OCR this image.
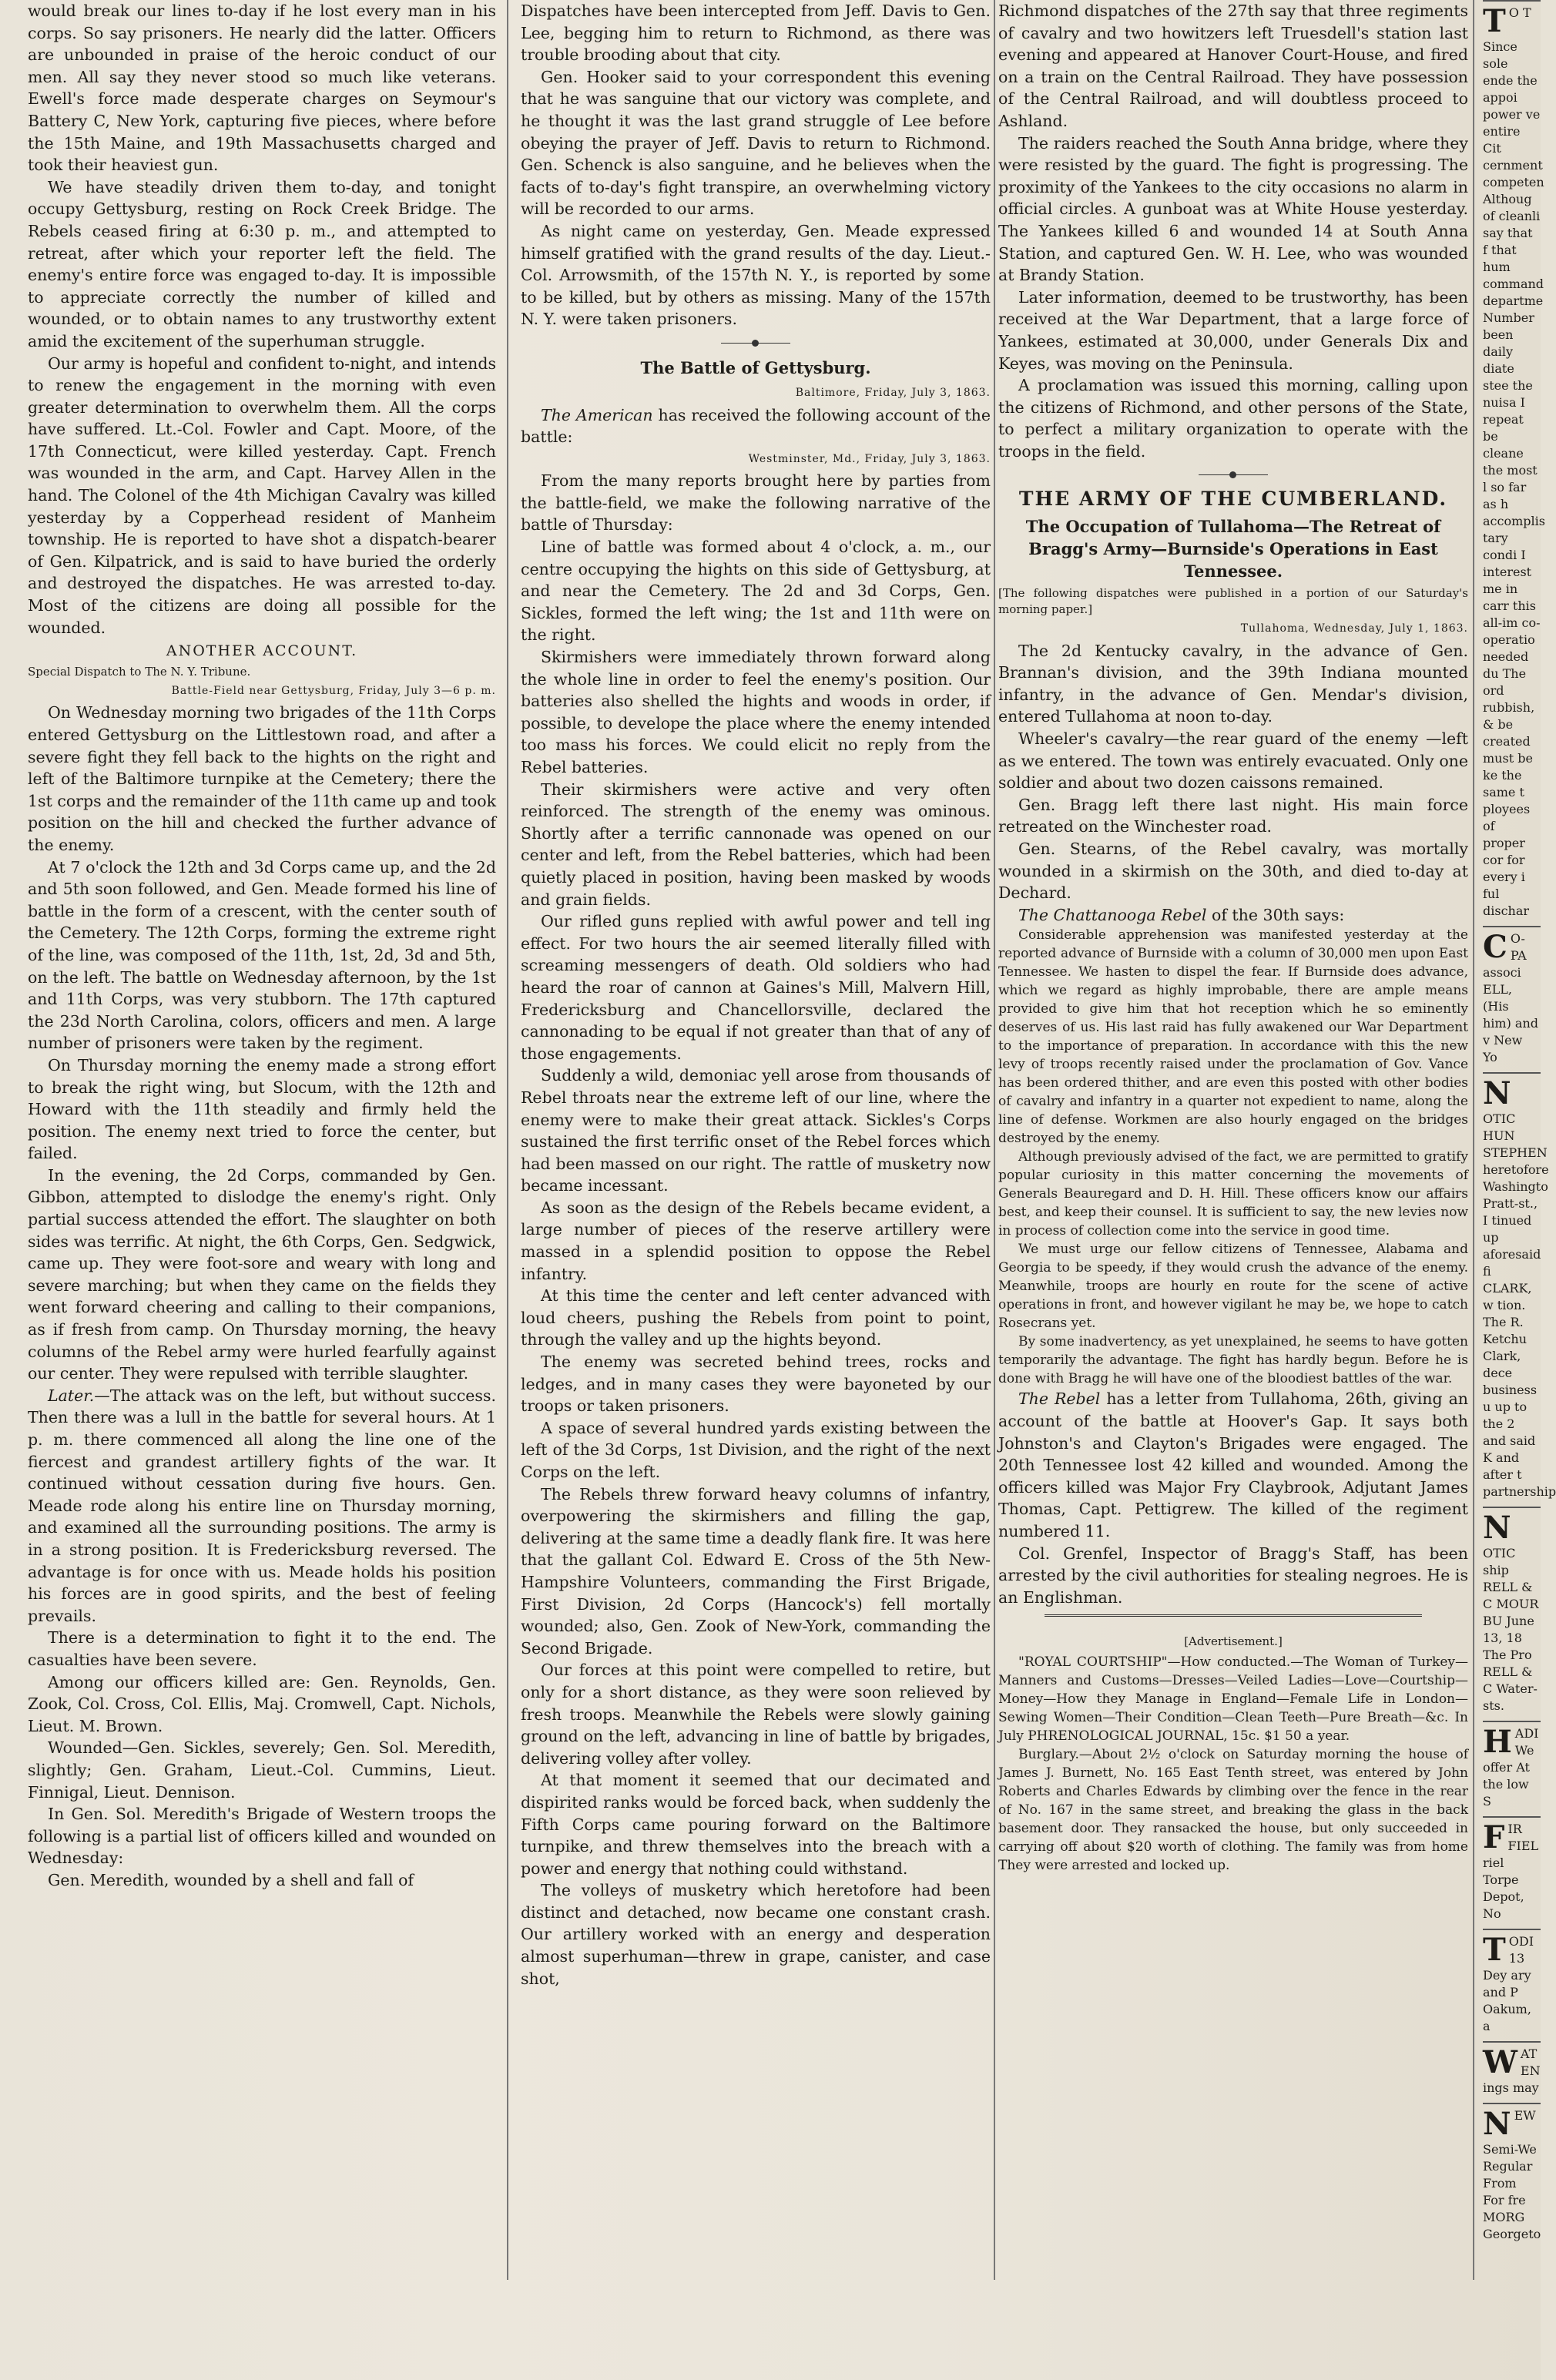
would break our lines to-day if he lost every man in his corps. So say prisoners. He nearly did the latter. Officers are unbounded in praise of the heroic conduct of our men. All say they never stood so much like veterans. Ewell's force made desperate charges on Seymour's Battery C, New York, capturing five pieces, where before the 15th Maine, and 19th Massachusetts charged and took their heaviest gun.

We have steadily driven them to-day, and tonight occupy Gettysburg, resting on Rock Creek Bridge. The Rebels ceased firing at 6:30 p. m., and attempted to retreat, after which your reporter left the field. The enemy's entire force was engaged to-day. It is impossible to appreciate correctly the number of killed and wounded, or to obtain names to any trustworthy extent amid the excitement of the superhuman struggle.

Our army is hopeful and confident to-night, and intends to renew the engagement in the morning with even greater determination to overwhelm them. All the corps have suffered. Lt.-Col. Fowler and Capt. Moore, of the 17th Connecticut, were killed yesterday. Capt. French was wounded in the arm, and Capt. Harvey Allen in the hand. The Colonel of the 4th Michigan Cavalry was killed yesterday by a Copperhead resident of Manheim township. He is reported to have shot a dispatch-bearer of Gen. Kilpatrick, and is said to have buried the orderly and destroyed the dispatches. He was arrested to-day. Most of the citizens are doing all possible for the wounded.

ANOTHER ACCOUNT.

Special Dispatch to The N. Y. Tribune.

Battle-Field near Gettysburg, Friday, July 3—6 p. m.

On Wednesday morning two brigades of the 11th Corps entered Gettysburg on the Littlestown road, and after a severe fight they fell back to the hights on the right and left of the Baltimore turnpike at the Cemetery; there the 1st corps and the remainder of the 11th came up and took position on the hill and checked the further advance of the enemy.

At 7 o'clock the 12th and 3d Corps came up, and the 2d and 5th soon followed, and Gen. Meade formed his line of battle in the form of a crescent, with the center south of the Cemetery. The 12th Corps, forming the extreme right of the line, was composed of the 11th, 1st, 2d, 3d and 5th, on the left. The battle on Wednesday afternoon, by the 1st and 11th Corps, was very stubborn. The 17th captured the 23d North Carolina, colors, officers and men. A large number of prisoners were taken by the regiment.

On Thursday morning the enemy made a strong effort to break the right wing, but Slocum, with the 12th and Howard with the 11th steadily and firmly held the position. The enemy next tried to force the center, but failed.

In the evening, the 2d Corps, commanded by Gen. Gibbon, attempted to dislodge the enemy's right. Only partial success attended the effort. The slaughter on both sides was terrific. At night, the 6th Corps, Gen. Sedgwick, came up. They were foot-sore and weary with long and severe marching; but when they came on the fields they went forward cheering and calling to their companions, as if fresh from camp. On Thursday morning, the heavy columns of the Rebel army were hurled fearfully against our center. They were repulsed with terrible slaughter.

Later.—The attack was on the left, but without success. Then there was a lull in the battle for several hours. At 1 p. m. there commenced all along the line one of the fiercest and grandest artillery fights of the war. It continued without cessation during five hours. Gen. Meade rode along his entire line on Thursday morning, and examined all the surrounding positions. The army is in a strong position. It is Fredericksburg reversed. The advantage is for once with us. Meade holds his position his forces are in good spirits, and the best of feeling prevails.

There is a determination to fight it to the end. The casualties have been severe.

Among our officers killed are: Gen. Reynolds, Gen. Zook, Col. Cross, Col. Ellis, Maj. Cromwell, Capt. Nichols, Lieut. M. Brown.

Wounded—Gen. Sickles, severely; Gen. Sol. Meredith, slightly; Gen. Graham, Lieut.-Col. Cummins, Lieut. Finnigal, Lieut. Dennison.

In Gen. Sol. Meredith's Brigade of Western troops the following is a partial list of officers killed and wounded on Wednesday:

Gen. Meredith, wounded by a shell and fall of

Dispatches have been intercepted from Jeff. Davis to Gen. Lee, begging him to return to Richmond, as there was trouble brooding about that city.

Gen. Hooker said to your correspondent this evening that he was sanguine that our victory was complete, and he thought it was the last grand struggle of Lee before obeying the prayer of Jeff. Davis to return to Richmond. Gen. Schenck is also sanguine, and he believes when the facts of to-day's fight transpire, an overwhelming victory will be recorded to our arms.

As night came on yesterday, Gen. Meade expressed himself gratified with the grand results of the day. Lieut.-Col. Arrowsmith, of the 157th N. Y., is reported by some to be killed, but by others as missing. Many of the 157th N. Y. were taken prisoners.

The Battle of Gettysburg.

Baltimore, Friday, July 3, 1863.

The American has received the following account of the battle:

Westminster, Md., Friday, July 3, 1863.

From the many reports brought here by parties from the battle-field, we make the following narrative of the battle of Thursday:

Line of battle was formed about 4 o'clock, a. m., our centre occupying the hights on this side of Gettysburg, at and near the Cemetery. The 2d and 3d Corps, Gen. Sickles, formed the left wing; the 1st and 11th were on the right.

Skirmishers were immediately thrown forward along the whole line in order to feel the enemy's position. Our batteries also shelled the hights and woods in order, if possible, to develope the place where the enemy intended too mass his forces. We could elicit no reply from the Rebel batteries.

Their skirmishers were active and very often reinforced. The strength of the enemy was ominous. Shortly after a terrific cannonade was opened on our center and left, from the Rebel batteries, which had been quietly placed in position, having been masked by woods and grain fields.

Our rifled guns replied with awful power and tell ing effect. For two hours the air seemed literally filled with screaming messengers of death. Old soldiers who had heard the roar of cannon at Gaines's Mill, Malvern Hill, Fredericksburg and Chancellorsville, declared the cannonading to be equal if not greater than that of any of those engagements.

Suddenly a wild, demoniac yell arose from thousands of Rebel throats near the extreme left of our line, where the enemy were to make their great attack. Sickles's Corps sustained the first terrific onset of the Rebel forces which had been massed on our right. The rattle of musketry now became incessant.

As soon as the design of the Rebels became evident, a large number of pieces of the reserve artillery were massed in a splendid position to oppose the Rebel infantry.

At this time the center and left center advanced with loud cheers, pushing the Rebels from point to point, through the valley and up the hights beyond.

The enemy was secreted behind trees, rocks and ledges, and in many cases they were bayoneted by our troops or taken prisoners.

A space of several hundred yards existing between the left of the 3d Corps, 1st Division, and the right of the next Corps on the left.

The Rebels threw forward heavy columns of infantry, overpowering the skirmishers and filling the gap, delivering at the same time a deadly flank fire. It was here that the gallant Col. Edward E. Cross of the 5th New-Hampshire Volunteers, commanding the First Brigade, First Division, 2d Corps (Hancock's) fell mortally wounded; also, Gen. Zook of New-York, commanding the Second Brigade.

Our forces at this point were compelled to retire, but only for a short distance, as they were soon relieved by fresh troops. Meanwhile the Rebels were slowly gaining ground on the left, advancing in line of battle by brigades, delivering volley after volley.

At that moment it seemed that our decimated and dispirited ranks would be forced back, when suddenly the Fifth Corps came pouring forward on the Baltimore turnpike, and threw themselves into the breach with a power and energy that nothing could withstand.

The volleys of musketry which heretofore had been distinct and detached, now became one constant crash. Our artillery worked with an energy and desperation almost superhuman—threw in grape, canister, and case shot,

Richmond dispatches of the 27th say that three regiments of cavalry and two howitzers left Truesdell's station last evening and appeared at Hanover Court-House, and fired on a train on the Central Railroad. They have possession of the Central Railroad, and will doubtless proceed to Ashland.

The raiders reached the South Anna bridge, where they were resisted by the guard. The fight is progressing. The proximity of the Yankees to the city occasions no alarm in official circles. A gunboat was at White House yesterday. The Yankees killed 6 and wounded 14 at South Anna Station, and captured Gen. W. H. Lee, who was wounded at Brandy Station.

Later information, deemed to be trustworthy, has been received at the War Department, that a large force of Yankees, estimated at 30,000, under Generals Dix and Keyes, was moving on the Peninsula.

A proclamation was issued this morning, calling upon the citizens of Richmond, and other persons of the State, to perfect a military organization to operate with the troops in the field.

THE ARMY OF THE CUMBERLAND.
The Occupation of Tullahoma—The Retreat of Bragg's Army—Burnside's Operations in East Tennessee.

[The following dispatches were published in a portion of our Saturday's morning paper.]

Tullahoma, Wednesday, July 1, 1863.

The 2d Kentucky cavalry, in the advance of Gen. Brannan's division, and the 39th Indiana mounted infantry, in the advance of Gen. Mendar's division, entered Tullahoma at noon to-day.

Wheeler's cavalry—the rear guard of the enemy —left as we entered. The town was entirely evacuated. Only one soldier and about two dozen caissons remained.

Gen. Bragg left there last night. His main force retreated on the Winchester road.

Gen. Stearns, of the Rebel cavalry, was mortally wounded in a skirmish on the 30th, and died to-day at Dechard.

The Chattanooga Rebel of the 30th says:

Considerable apprehension was manifested yesterday at the reported advance of Burnside with a column of 30,000 men upon East Tennessee. We hasten to dispel the fear. If Burnside does advance, which we regard as highly improbable, there are ample means provided to give him that hot reception which he so eminently deserves of us. His last raid has fully awakened our War Department to the importance of preparation. In accordance with this the new levy of troops recently raised under the proclamation of Gov. Vance has been ordered thither, and are even this posted with other bodies of cavalry and infantry in a quarter not expedient to name, along the line of defense. Workmen are also hourly engaged on the bridges destroyed by the enemy.

Although previously advised of the fact, we are permitted to gratify popular curiosity in this matter concerning the movements of Generals Beauregard and D. H. Hill. These officers know our affairs best, and keep their counsel. It is sufficient to say, the new levies now in process of collection come into the service in good time.

We must urge our fellow citizens of Tennessee, Alabama and Georgia to be speedy, if they would crush the advance of the enemy. Meanwhile, troops are hourly en route for the scene of active operations in front, and however vigilant he may be, we hope to catch Rosecrans yet.

By some inadvertency, as yet unexplained, he seems to have gotten temporarily the advantage. The fight has hardly begun. Before he is done with Bragg he will have one of the bloodiest battles of the war.

The Rebel has a letter from Tullahoma, 26th, giving an account of the battle at Hoover's Gap. It says both Johnston's and Clayton's Brigades were engaged. The 20th Tennessee lost 42 killed and wounded. Among the officers killed was Major Fry Claybrook, Adjutant James Thomas, Capt. Pettigrew. The killed of the regiment numbered 11.

Col. Grenfel, Inspector of Bragg's Staff, has been arrested by the civil authorities for stealing negroes. He is an Englishman.

[Advertisement.]

"ROYAL COURTSHIP"—How conducted.—The Woman of Turkey—Manners and Customs—Dresses—Veiled Ladies—Love—Courtship—Money—How they Manage in England—Female Life in London—Sewing Women—Their Condition—Clean Teeth—Pure Breath—&c. In July PHRENOLOGICAL JOURNAL, 15c. $1 50 a year.

Burglary.—About 2½ o'clock on Saturday morning the house of James J. Burnett, No. 165 East Tenth street, was entered by John Roberts and Charles Edwards by climbing over the fence in the rear of No. 167 in the same street, and breaking the glass in the back basement door. They ransacked the house, but only succeeded in carrying off about $20 worth of clothing. The family was from home They were arrested and locked up.

T O T Since sole ende the appoi power ve entire Cit cernment competen Althoug of cleanli say that f that hum command departme Number been daily diate stee the nuisa I repeat be cleane the most l so far as h accomplis tary condi I interest me in carr this all-im co-operatio needed du The ord rubbish, & be created must be ke the same t ployees of proper cor for every i ful dischar
C O-PA associ ELL, (His him) and v New Yo
N
OTIC HUN STEPHEN heretofore Washingto Pratt-st., I tinued up aforesaid fi CLARK, w tion. The R. Ketchu Clark, dece business u up to the 2 and said K and after t partnership
N
OTIC ship RELL & C MOUR BU June 13, 18 The Pro RELL & C Water-sts.
HADI We offer At the low S
FIR FIEL riel Torpe Depot, No
TODI 13 Dey ary and P Oakum, a
WAT EN ings may
NEW Semi-We Regular From For fre MORG Georgeto
